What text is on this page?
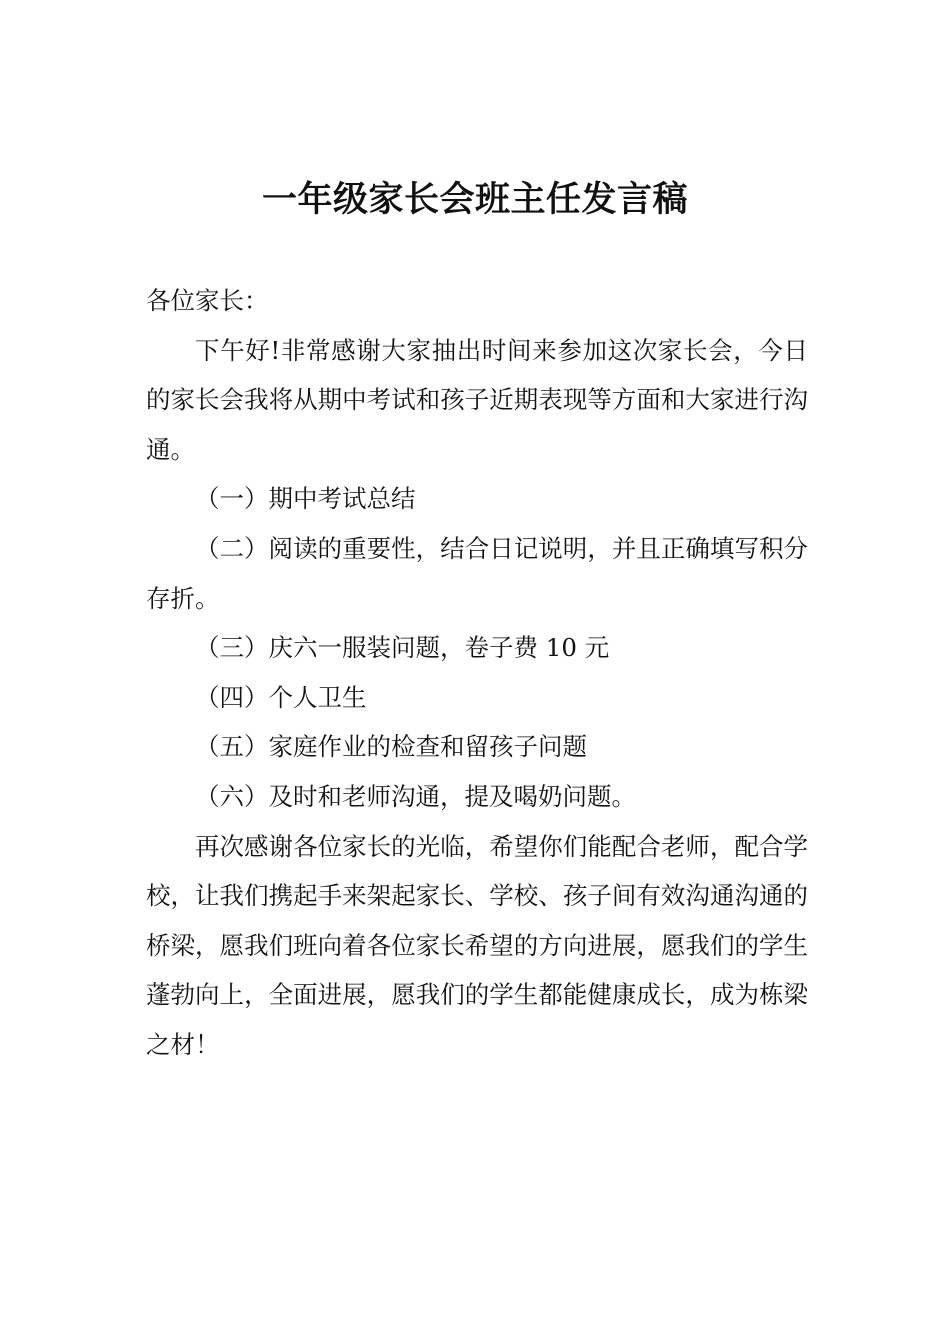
一年级家长会班主任发言稿

各位家长：

下午好!非常感谢大家抽出时间来参加这次家长会，今日的家长会我将从期中考试和孩子近期表现等方面和大家进行沟通。

（一）期中考试总结

（二）阅读的重要性，结合日记说明，并且正确填写积分存折。

（三）庆六一服装问题，卷子费 10 元

（四）个人卫生

（五）家庭作业的检查和留孩子问题

（六）及时和老师沟通，提及喝奶问题。

再次感谢各位家长的光临，希望你们能配合老师，配合学校，让我们携起手来架起家长、学校、孩子间有效沟通沟通的桥梁，愿我们班向着各位家长希望的方向进展，愿我们的学生蓬勃向上，全面进展，愿我们的学生都能健康成长，成为栋梁之材！
